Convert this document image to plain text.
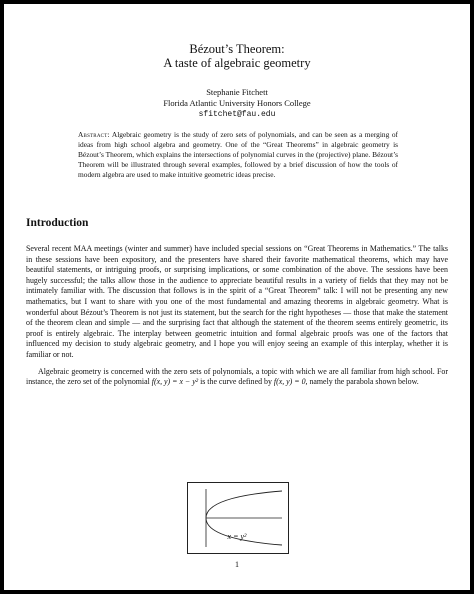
Bézout’s Theorem:
A taste of algebraic geometry
Stephanie Fitchett
Florida Atlantic University Honors College
sfitchet@fau.edu
Abstract: Algebraic geometry is the study of zero sets of polynomials, and can be seen as a merging of ideas from high school algebra and geometry. One of the “Great Theorems” in algebraic geometry is Bézout’s Theorem, which explains the intersections of polynomial curves in the (projective) plane. Bézout’s Theorem will be illustrated through several examples, followed by a brief discussion of how the tools of modern algebra are used to make intuitive geometric ideas precise.
Introduction

Several recent MAA meetings (winter and summer) have included special sessions on “Great Theorems in Mathematics.” The talks in these sessions have been expository, and the presenters have shared their favorite mathematical theorems, which may have beautiful statements, or intriguing proofs, or surprising implications, or some combination of the above. The sessions have been hugely successful; the talks allow those in the audience to appreciate beautiful results in a variety of fields that they may not be intimately familiar with. The discussion that follows is in the spirit of a “Great Theorem” talk: I will not be presenting any new mathematics, but I want to share with you one of the most fundamental and amazing theorems in algebraic geometry. What is wonderful about Bézout’s Theorem is not just its statement, but the search for the right hypotheses — those that make the statement of the theorem clean and simple — and the surprising fact that although the statement of the theorem seems entirely geometric, its proof is entirely algebraic. The interplay between geometric intuition and formal algebraic proofs was one of the factors that influenced my decision to study algebraic geometry, and I hope you will enjoy seeing an example of this interplay, whether it is familiar or not.

Algebraic geometry is concerned with the zero sets of polynomials, a topic with which we are all familiar from high school. For instance, the zero set of the polynomial f(x, y) = x − y² is the curve defined by f(x, y) = 0, namely the parabola shown below.

x = y²
1
